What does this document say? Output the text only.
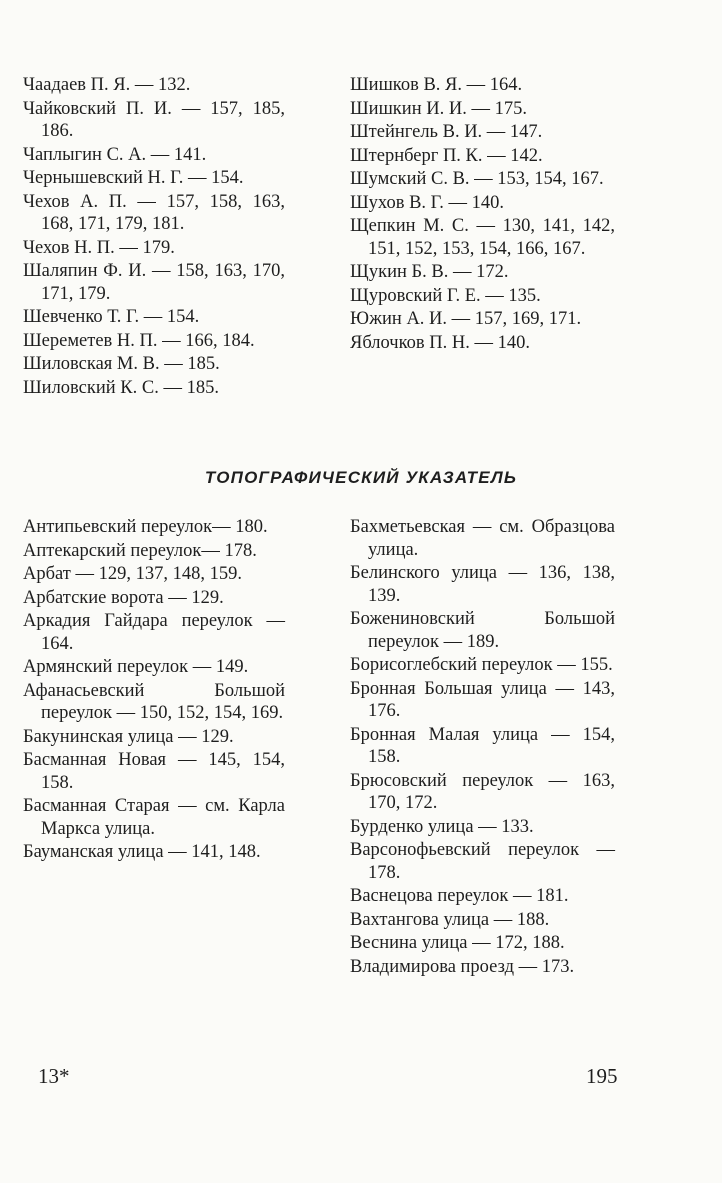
Чаадаев П. Я. — 132.

Чайковский П. И. — 157, 185, 186.

Чаплыгин С. А. — 141.

Чернышевский Н. Г. — 154.

Чехов А. П. — 157, 158, 163, 168, 171, 179, 181.

Чехов Н. П. — 179.

Шаляпин Ф. И. — 158, 163, 170, 171, 179.

Шевченко Т. Г. — 154.

Шереметев Н. П. — 166, 184.

Шиловская М. В. — 185.

Шиловский К. С. — 185.

Шишков В. Я. — 164.

Шишкин И. И. — 175.

Штейнгель В. И. — 147.

Штернберг П. К. — 142.

Шумский С. В. — 153, 154, 167.

Шухов В. Г. — 140.

Щепкин М. С. — 130, 141, 142, 151, 152, 153, 154, 166, 167.

Щукин Б. В. — 172.

Щуровский Г. Е. — 135.

Южин А. И. — 157, 169, 171.

Яблочков П. Н. — 140.

ТОПОГРАФИЧЕСКИЙ УКАЗАТЕЛЬ

Антипьевский переулок— 180.

Аптекарский переулок— 178.

Арбат — 129, 137, 148, 159.

Арбатские ворота — 129.

Аркадия Гайдара переулок — 164.

Армянский переулок — 149.

Афанасьевский Большой переулок — 150, 152, 154, 169.

Бакунинская улица — 129.

Басманная Новая — 145, 154, 158.

Басманная Старая — см. Карла Маркса улица.

Бауманская улица — 141, 148.

Бахметьевская — см. Образцова улица.

Белинского улица — 136, 138, 139.

Божениновский Большой переулок — 189.

Борисоглебский переулок — 155.

Бронная Большая улица — 143, 176.

Бронная Малая улица — 154, 158.

Брюсовский переулок — 163, 170, 172.

Бурденко улица — 133.

Варсонофьевский переулок — 178.

Васнецова переулок — 181.

Вахтангова улица — 188.

Веснина улица — 172, 188.

Владимирова проезд — 173.

13*	195
